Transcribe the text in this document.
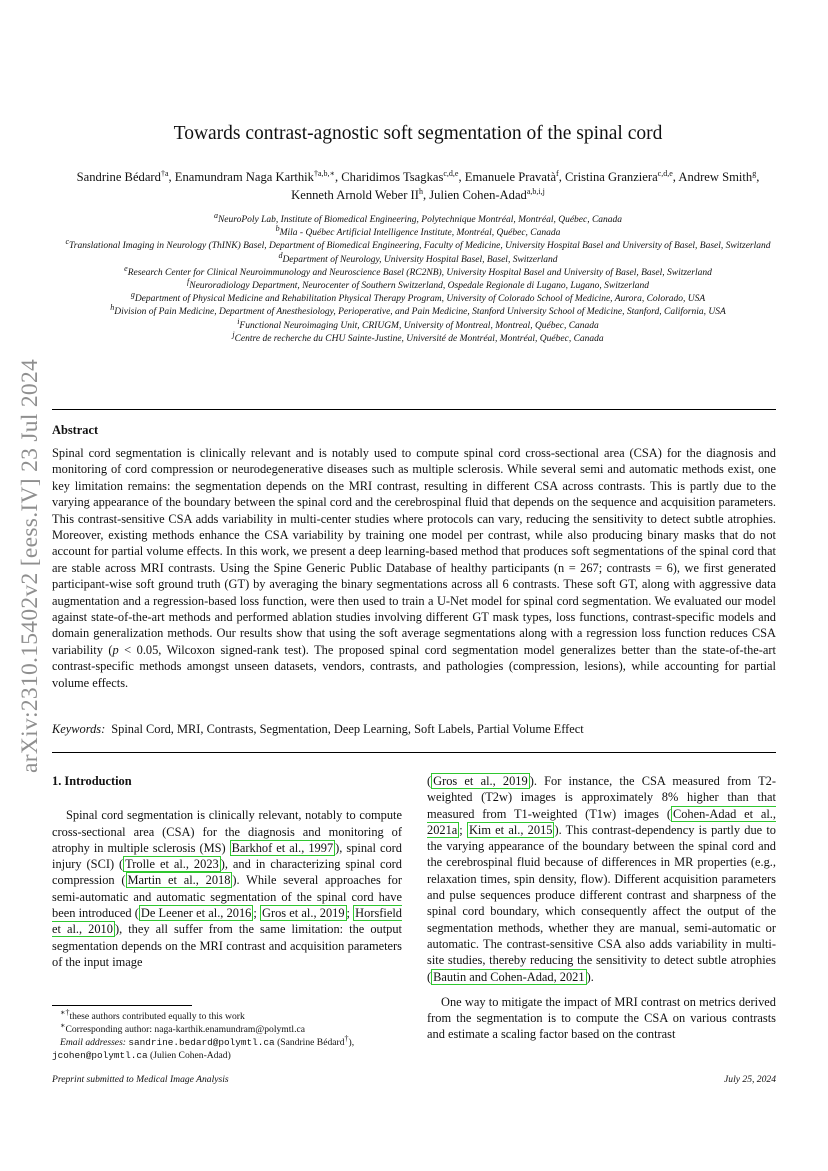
arXiv:2310.15402v2 [eess.IV] 23 Jul 2024
Towards contrast-agnostic soft segmentation of the spinal cord
Sandrine Bédard$^{\dagger a}$, Enamundram Naga Karthik$^{\dagger a,b,∗}$, Charidimos Tsagkas$^{c,d,e}$, Emanuele Pravatà$^f$, Cristina Granziera$^{c,d,e}$, Andrew Smith$^g$, Kenneth Arnold Weber $II^h$, Julien Cohen-Adad$^{a,b,i,j}$
$^a$NeuroPoly Lab, Institute of Biomedical Engineering, Polytechnique Montréal, Montréal, Québec, Canada
$^b$Mila - Québec Artificial Intelligence Institute, Montréal, Québec, Canada
$^c$Translational Imaging in Neurology (ThINK) Basel, Department of Biomedical Engineering, Faculty of Medicine, University Hospital Basel and University of Basel, Basel, Switzerland
$^d$Department of Neurology, University Hospital Basel, Basel, Switzerland
$^e$Research Center for Clinical Neuroimmunology and Neuroscience Basel (RC2NB), University Hospital Basel and University of Basel, Basel, Switzerland
$^f$Neuroradiology Department, Neurocenter of Southern Switzerland, Ospedale Regionale di Lugano, Lugano, Switzerland
$^g$Department of Physical Medicine and Rehabilitation Physical Therapy Program, University of Colorado School of Medicine, Aurora, Colorado, USA
$^h$Division of Pain Medicine, Department of Anesthesiology, Perioperative, and Pain Medicine, Stanford University School of Medicine, Stanford, California, USA
$^i$Functional Neuroimaging Unit, CRIUGM, University of Montreal, Montreal, Québec, Canada
$^j$Centre de recherche du CHU Sainte-Justine, Université de Montréal, Montréal, Québec, Canada
Abstract
Spinal cord segmentation is clinically relevant and is notably used to compute spinal cord cross-sectional area (CSA) for the diagnosis and monitoring of cord compression or neurodegenerative diseases such as multiple sclerosis. While several semi and automatic methods exist, one key limitation remains: the segmentation depends on the MRI contrast, resulting in different CSA across contrasts. This is partly due to the varying appearance of the boundary between the spinal cord and the cerebrospinal fluid that depends on the sequence and acquisition parameters. This contrast-sensitive CSA adds variability in multi-center studies where protocols can vary, reducing the sensitivity to detect subtle atrophies. Moreover, existing methods enhance the CSA variability by training one model per contrast, while also producing binary masks that do not account for partial volume effects. In this work, we present a deep learning-based method that produces soft segmentations of the spinal cord that are stable across MRI contrasts. Using the Spine Generic Public Database of healthy participants (n = 267; contrasts = 6), we first generated participant-wise soft ground truth (GT) by averaging the binary segmentations across all 6 contrasts. These soft GT, along with aggressive data augmentation and a regression-based loss function, were then used to train a U-Net model for spinal cord segmentation. We evaluated our model against state-of-the-art methods and performed ablation studies involving different GT mask types, loss functions, contrast-specific models and domain generalization methods. Our results show that using the soft average segmentations along with a regression loss function reduces CSA variability (p < 0.05, Wilcoxon signed-rank test). The proposed spinal cord segmentation model generalizes better than the state-of-the-art contrast-specific methods amongst unseen datasets, vendors, contrasts, and pathologies (compression, lesions), while accounting for partial volume effects.
Keywords: Spinal Cord, MRI, Contrasts, Segmentation, Deep Learning, Soft Labels, Partial Volume Effect
1. Introduction
Spinal cord segmentation is clinically relevant, notably to compute cross-sectional area (CSA) for the diagnosis and monitoring of atrophy in multiple sclerosis (MS) Barkhof et al., 1997 ), spinal cord injury (SCI) ( Trolle et al., 2023 ), and in characterizing spinal cord compression ( Martin et al., 2018 ). While several approaches for semi-automatic and automatic segmentation of the spinal cord have been introduced ( De Leener et al., 2016 ; Gros et al., 2019 ; Horsfield et al., 2010 ), they all suffer from the same limitation: the output segmentation depends on the MRI contrast and acquisition parameters of the input image
( Gros et al., 2019 ). For instance, the CSA measured from T2-weighted (T2w) images is approximately 8% higher than that measured from T1-weighted (T1w) images ( Cohen-Adad et al., 2021a ; Kim et al., 2015 ). This contrast-dependency is partly due to the varying appearance of the boundary between the spinal cord and the cerebrospinal fluid because of differences in MR properties (e.g., relaxation times, spin density, flow). Different acquisition parameters and pulse sequences produce different contrast and sharpness of the spinal cord boundary, which consequently affect the output of the segmentation methods, whether they are manual, semi-automatic or automatic. The contrast-sensitive CSA also adds variability in multi-site studies, thereby reducing the sensitivity to detect subtle atrophies ( Bautin and Cohen-Adad, 2021 ).
One way to mitigate the impact of MRI contrast on metrics derived from the segmentation is to compute the CSA on various contrasts and estimate a scaling factor based on the contrast
∗†these authors contributed equally to this work
∗Corresponding author: naga-karthik.enamundram@polymtl.ca
Email addresses: sandrine.bedard@polymtl.ca (Sandrine Bédard†),
jcohen@polymtl.ca (Julien Cohen-Adad)
Preprint submitted to Medical Image Analysis	July 25, 2024
